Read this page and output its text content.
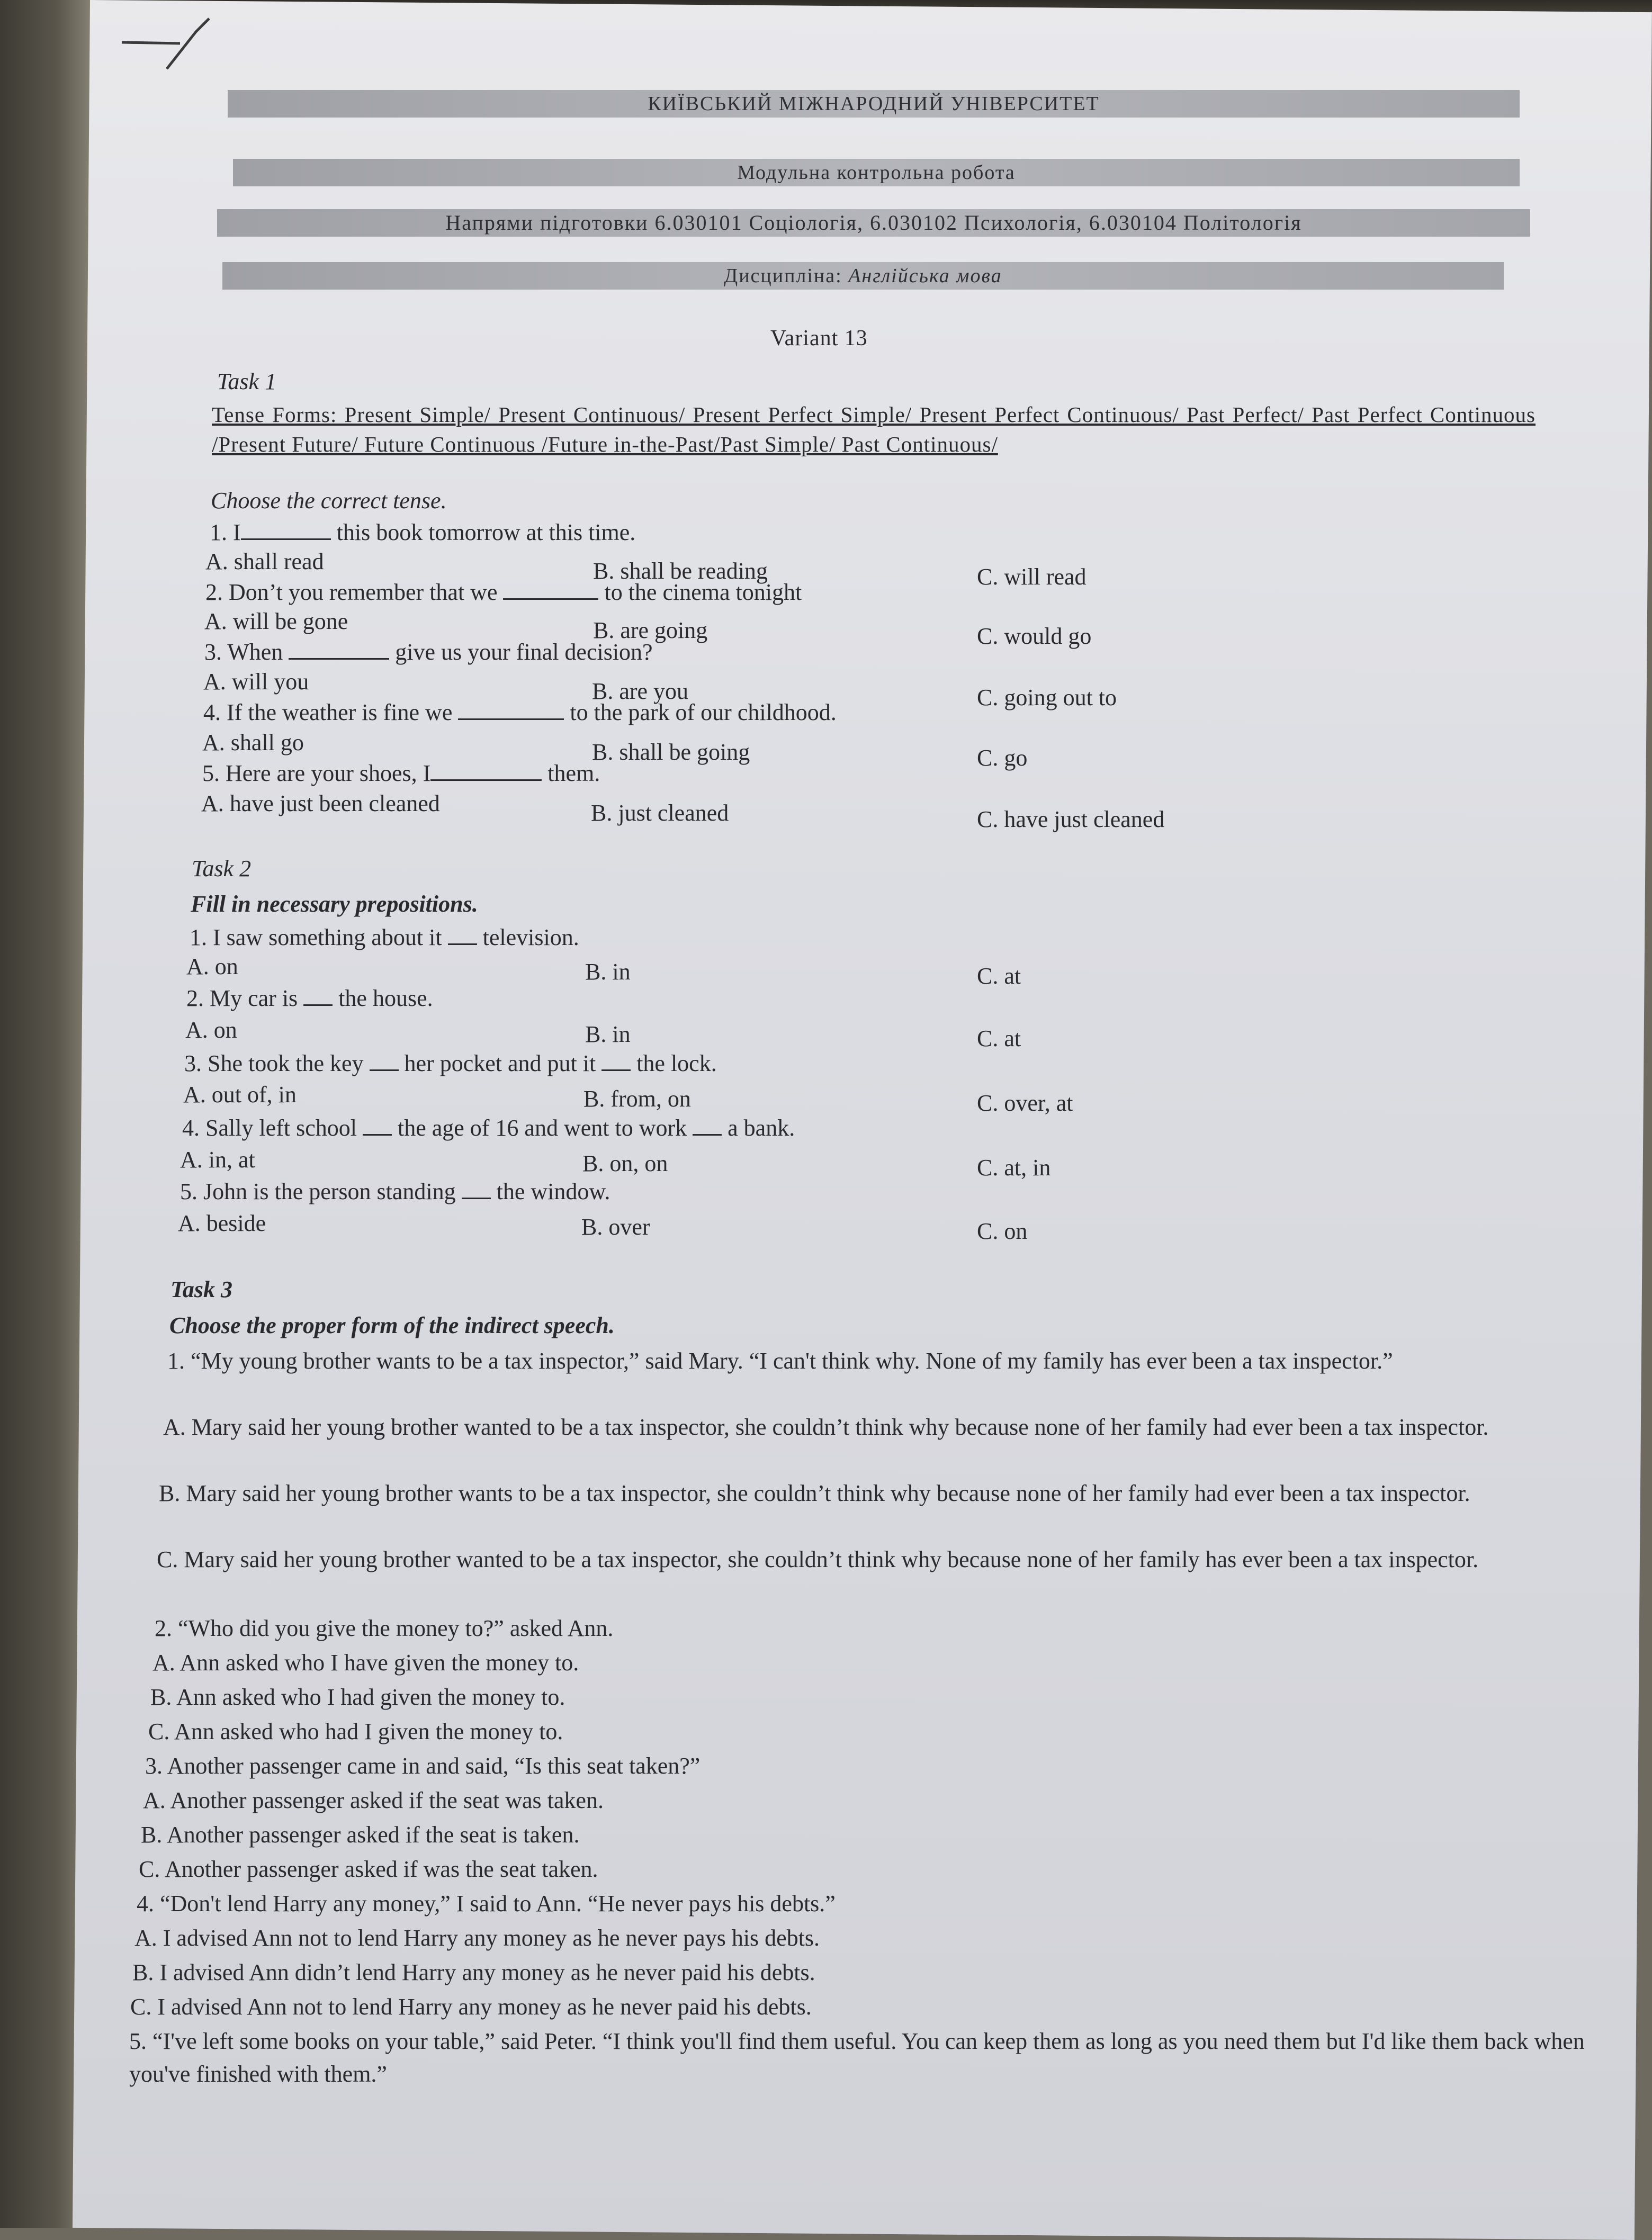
КИЇВСЬКИЙ МІЖНАРОДНИЙ УНІВЕРСИТЕТ
Модульна контрольна робота
Напрями підготовки 6.030101 Соціологія, 6.030102 Психологія, 6.030104 Політологія
Дисципліна: Англійська мова
Variant 13
Task 1
Tense Forms: Present Simple/ Present Continuous/ Present Perfect Simple/ Present Perfect Continuous/ Past Perfect/ Past Perfect Continuous /Present Future/ Future Continuous /Future in-the-Past/Past Simple/ Past Continuous/
Choose the correct tense.
1. I	this book tomorrow at this time.
A. shall read	B. shall be reading	C. will read
2. Don’t you remember that we	to the cinema tonight
A. will be gone	B. are going	C. would go
3. When	give us your final decision?
A. will you	B. are you	C. going out to
4. If the weather is fine we	to the park of our childhood.
A. shall go	B. shall be going	C. go
5. Here are your shoes, I	them.
A. have just been cleaned	B. just cleaned	C. have just cleaned
Task 2
Fill in necessary prepositions.
1. I saw something about it television.
A. on	B. in	C. at
2. My car is the house.
A. on	B. in	C. at
3. She took the key her pocket and put it the lock.
A. out of, in	B. from, on	C. over, at
4. Sally left school the age of 16 and went to work a bank.
A. in, at	B. on, on	C. at, in
5. John is the person standing the window.
A. beside	B. over	C. on
Task 3
Choose the proper form of the indirect speech.
1. “My young brother wants to be a tax inspector,” said Mary. “I can't think why. None of my family has ever been a tax inspector.”
A. Mary said her young brother wanted to be a tax inspector, she couldn’t think why because none of her family had ever been a tax inspector.
B. Mary said her young brother wants to be a tax inspector, she couldn’t think why because none of her family had ever been a tax inspector.
C. Mary said her young brother wanted to be a tax inspector, she couldn’t think why because none of her family has ever been a tax inspector.
2. “Who did you give the money to?” asked Ann.
A. Ann asked who I have given the money to.
B. Ann asked who I had given the money to.
C. Ann asked who had I given the money to.
3. Another passenger came in and said, “Is this seat taken?”
A. Another passenger asked if the seat was taken.
B. Another passenger asked if the seat is taken.
C. Another passenger asked if was the seat taken.
4. “Don't lend Harry any money,” I said to Ann. “He never pays his debts.”
A. I advised Ann not to lend Harry any money as he never pays his debts.
B. I advised Ann didn’t lend Harry any money as he never paid his debts.
C. I advised Ann not to lend Harry any money as he never paid his debts.
5. “I've left some books on your table,” said Peter. “I think you'll find them useful. You can keep them as long as you need them but I'd like them back when you've finished with them.”
